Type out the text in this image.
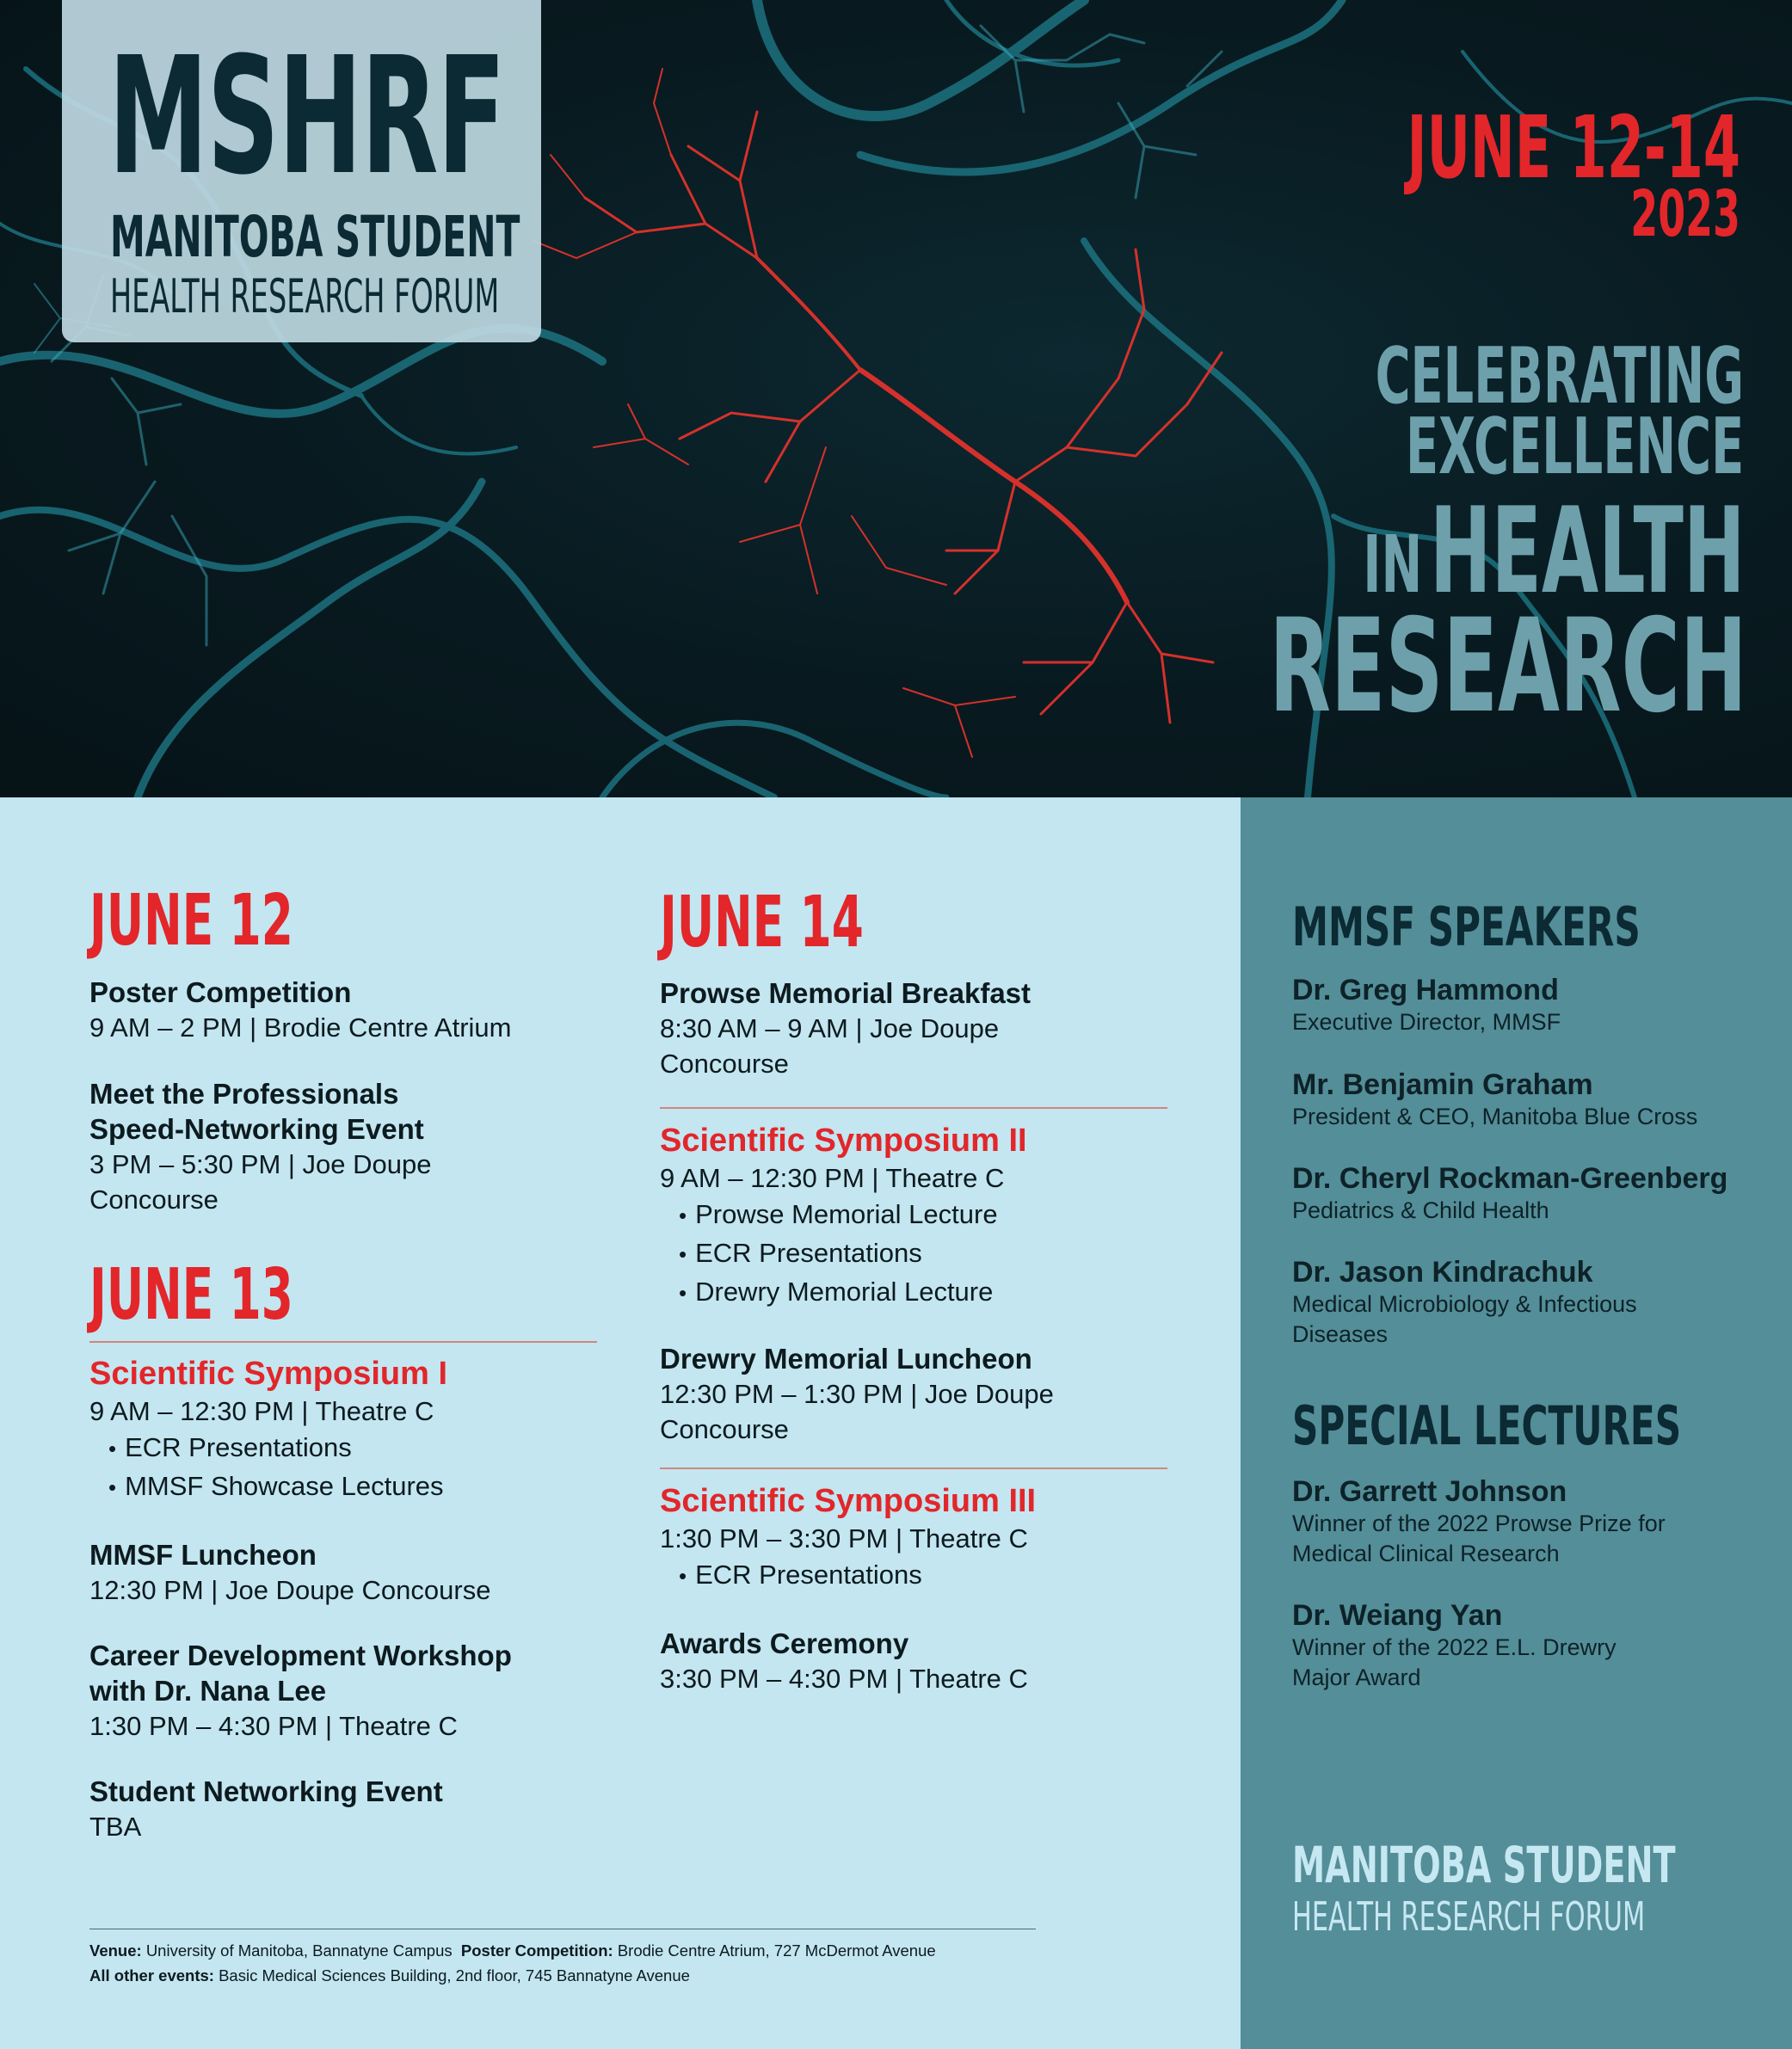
MSHRF
MANITOBA STUDENT
HEALTH RESEARCH FORUM
JUNE 12-14
2023
CELEBRATING
EXCELLENCE
INHEALTH
RESEARCH
JUNE 12
Poster Competition
9 AM – 2 PM | Brodie Centre Atrium
Meet the Professionals Speed-Networking Event
3 PM – 5:30 PM | Joe Doupe Concourse
JUNE 13
Scientific Symposium I
9 AM – 12:30 PM | Theatre C
• ECR Presentations
• MMSF Showcase Lectures
MMSF Luncheon
12:30 PM | Joe Doupe Concourse
Career Development Workshop with Dr. Nana Lee
1:30 PM – 4:30 PM | Theatre C
Student Networking Event
TBA
JUNE 14
Prowse Memorial Breakfast
8:30 AM – 9 AM | Joe Doupe Concourse
Scientific Symposium II
9 AM – 12:30 PM | Theatre C
• Prowse Memorial Lecture
• ECR Presentations
• Drewry Memorial Lecture
Drewry Memorial Luncheon
12:30 PM – 1:30 PM | Joe Doupe Concourse
Scientific Symposium III
1:30 PM – 3:30 PM | Theatre C
• ECR Presentations
Awards Ceremony
3:30 PM – 4:30 PM | Theatre C
Venue: University of Manitoba, Bannatyne Campus Poster Competition: Brodie Centre Atrium, 727 McDermot Avenue
All other events: Basic Medical Sciences Building, 2nd floor, 745 Bannatyne Avenue
MMSF SPEAKERS
Dr. Greg Hammond
Executive Director, MMSF
Mr. Benjamin Graham
President & CEO, Manitoba Blue Cross
Dr. Cheryl Rockman-Greenberg
Pediatrics & Child Health
Dr. Jason Kindrachuk
Medical Microbiology & Infectious Diseases
SPECIAL LECTURES
Dr. Garrett Johnson
Winner of the 2022 Prowse Prize for Medical Clinical Research
Dr. Weiang Yan
Winner of the 2022 E.L. Drewry Major Award
MANITOBA STUDENT
HEALTH RESEARCH FORUM
